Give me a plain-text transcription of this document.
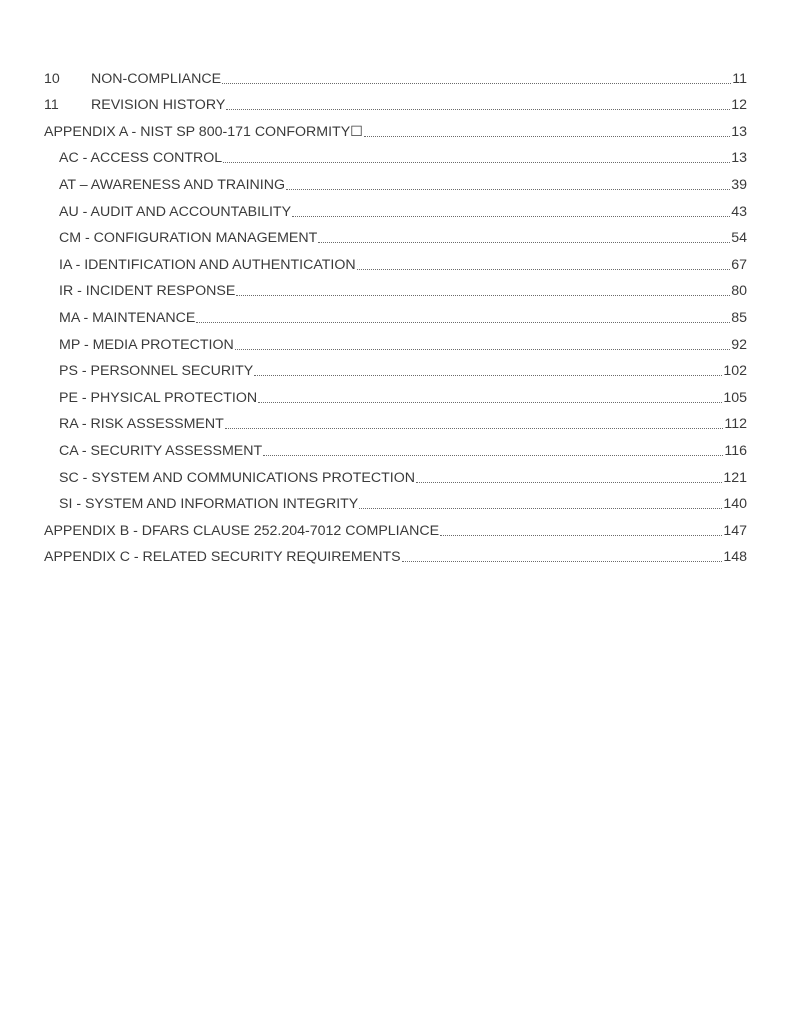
10	NON-COMPLIANCE	11
11	REVISION HISTORY	12
APPENDIX A - NIST SP 800-171 CONFORMITY☐	13
AC - ACCESS CONTROL	13
AT – AWARENESS AND TRAINING	39
AU - AUDIT AND ACCOUNTABILITY	43
CM - CONFIGURATION MANAGEMENT	54
IA - IDENTIFICATION AND AUTHENTICATION	67
IR - INCIDENT RESPONSE	80
MA - MAINTENANCE	85
MP - MEDIA PROTECTION	92
PS - PERSONNEL SECURITY	102
PE - PHYSICAL PROTECTION	105
RA - RISK ASSESSMENT	112
CA - SECURITY ASSESSMENT	116
SC - SYSTEM AND COMMUNICATIONS PROTECTION	121
SI - SYSTEM AND INFORMATION INTEGRITY	140
APPENDIX B - DFARS CLAUSE 252.204-7012 COMPLIANCE	147
APPENDIX C - RELATED SECURITY REQUIREMENTS	148
